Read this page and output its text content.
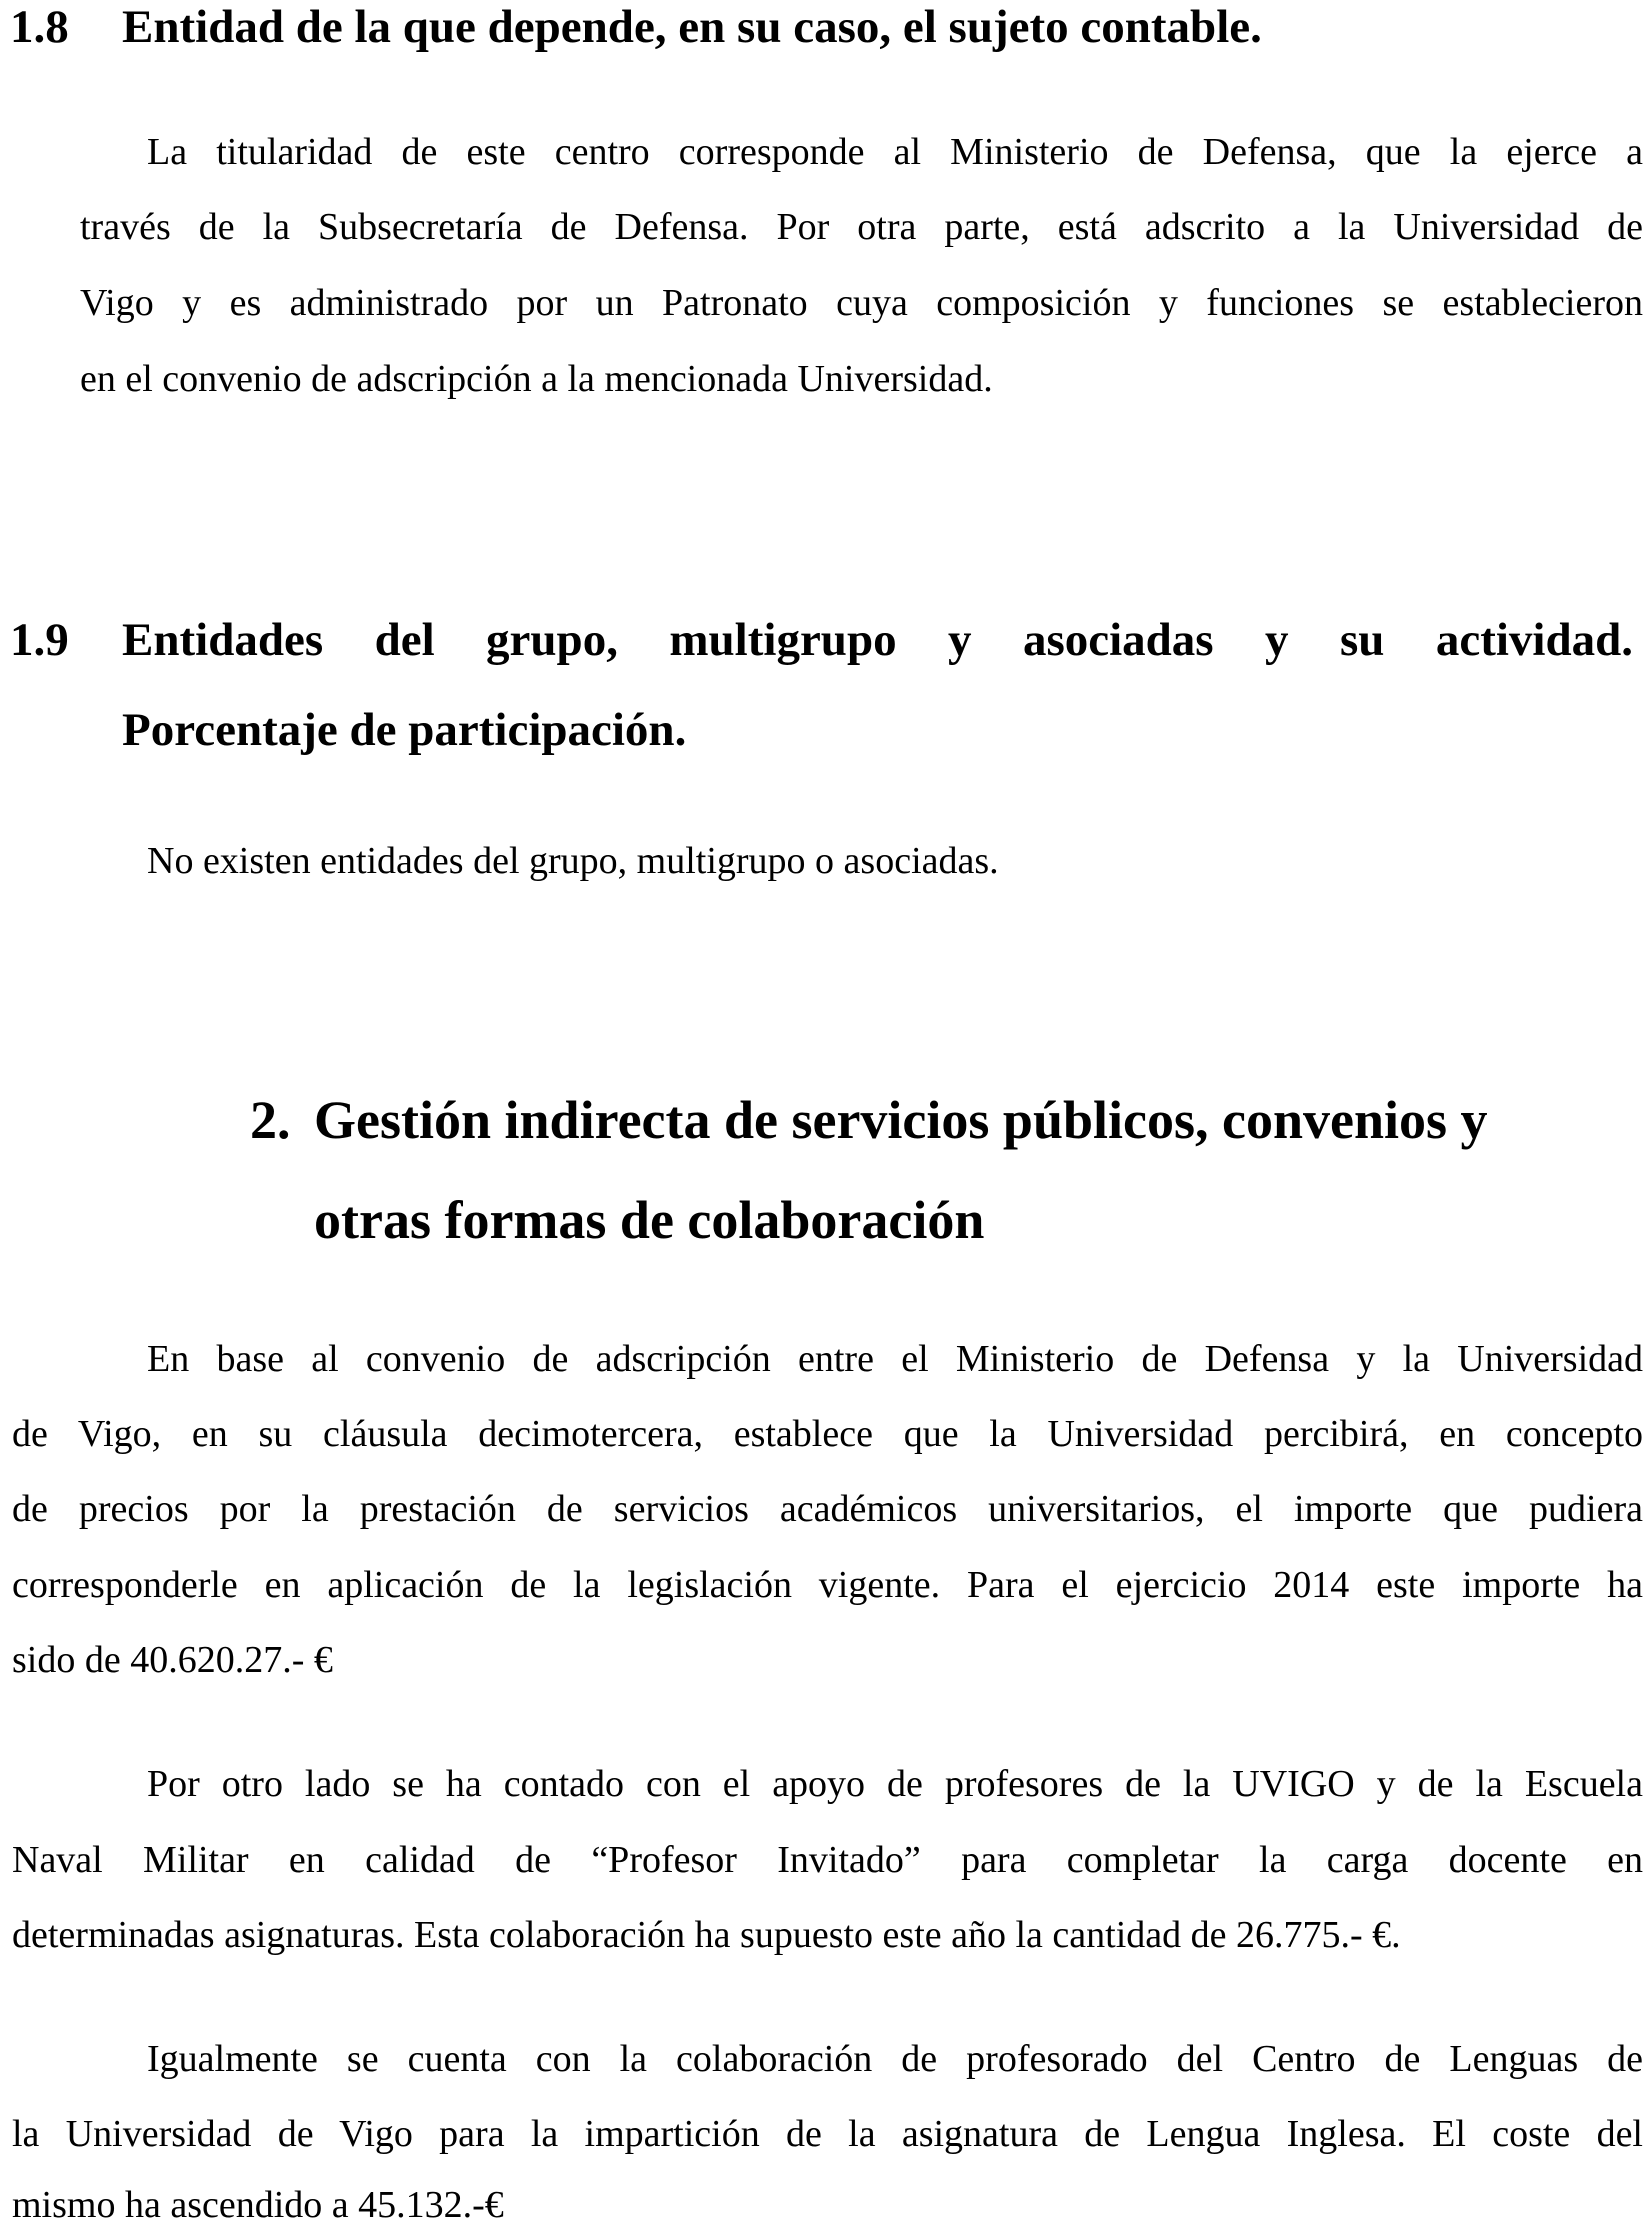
1.8 Entidad de la que depende, en su caso, el sujeto contable.
La titularidad de este centro corresponde al Ministerio de Defensa, que la ejerce a
través de la Subsecretaría de Defensa. Por otra parte, está adscrito a la Universidad de
Vigo y es administrado por un Patronato cuya composición y funciones se establecieron
en el convenio de adscripción a la mencionada Universidad.
1.9 Entidades del grupo, multigrupo y asociadas y su actividad.
Porcentaje de participación.
No existen entidades del grupo, multigrupo o asociadas.
2. Gestión indirecta de servicios públicos, convenios y
otras formas de colaboración
En base al convenio de adscripción entre el Ministerio de Defensa y la Universidad
de Vigo, en su cláusula decimotercera, establece que la Universidad percibirá, en concepto
de precios por la prestación de servicios académicos universitarios, el importe que pudiera
corresponderle en aplicación de la legislación vigente. Para el ejercicio 2014 este importe ha
sido de 40.620.27.- €
Por otro lado se ha contado con el apoyo de profesores de la UVIGO y de la Escuela
Naval Militar en calidad de “Profesor Invitado” para completar la carga docente en
determinadas asignaturas. Esta colaboración ha supuesto este año la cantidad de 26.775.- €.
Igualmente se cuenta con la colaboración de profesorado del Centro de Lenguas de
la Universidad de Vigo para la impartición de la asignatura de Lengua Inglesa. El coste del
mismo ha ascendido a 45.132.-€
